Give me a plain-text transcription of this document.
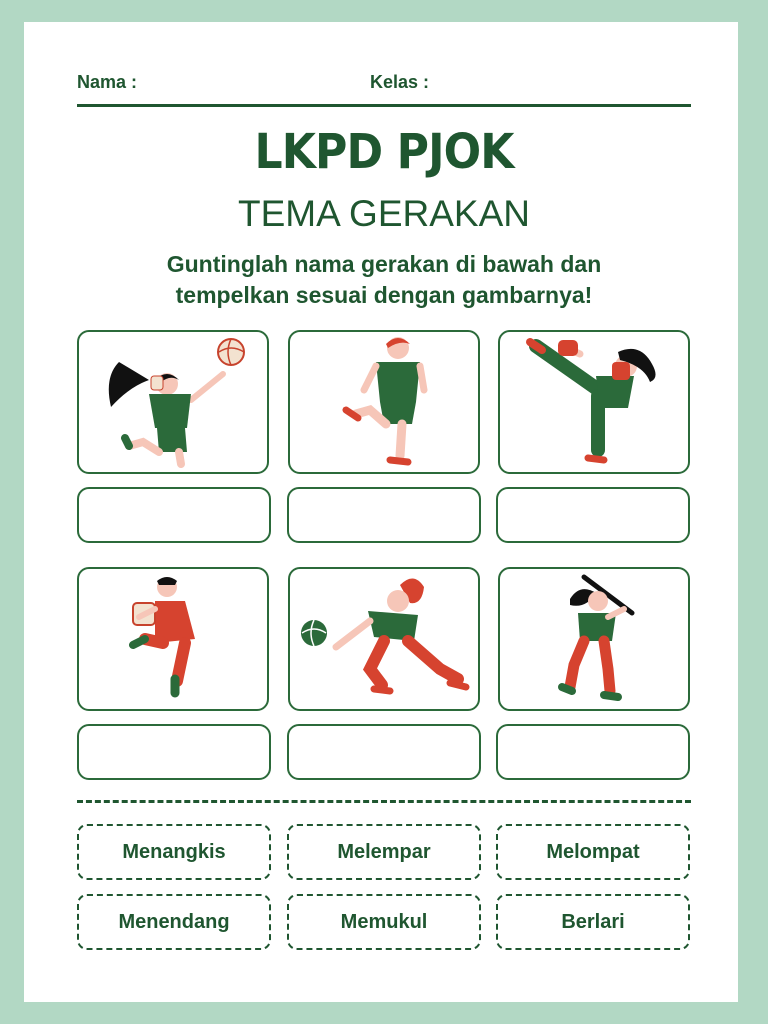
Nama :	Kelas :
LKPD PJOK
TEMA GERAKAN
Guntinglah nama gerakan di bawah dan
tempelkan sesuai dengan gambarnya!
Menangkis	Melempar	Melompat
Menendang	Memukul	Berlari
